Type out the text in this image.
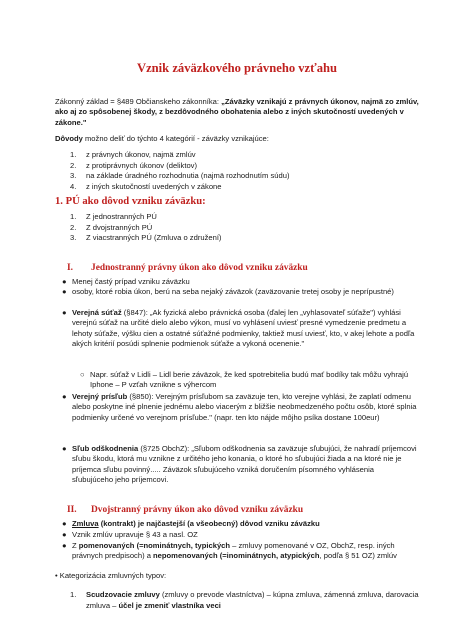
Vznik záväzkového právneho vzťahu
Zákonný základ = §489 Občianskeho zákonníka: „Záväzky vznikajú z právnych úkonov, najmä zo zmlúv, ako aj zo spôsobenej škody, z bezdôvodného obohatenia alebo z iných skutočností uvedených v zákone."
Dôvody možno deliť do týchto 4 kategórií - záväzky vznikajúce:
1. z právnych úkonov, najmä zmlúv
2. z protiprávnych úkonov (deliktov)
3. na základe úradného rozhodnutia (najmä rozhodnutím súdu)
4. z iných skutočností uvedených v zákone
1. PÚ ako dôvod vzniku záväzku:
1. Z jednostranných PÚ
2. Z dvojstranných PÚ
3. Z viacstranných PÚ (Zmluva o združení)
I. Jednostranný právny úkon ako dôvod vzniku záväzku
● Menej častý prípad vzniku záväzku
● osoby, ktoré robia úkon, berú na seba nejaký záväzok (zaväzovanie tretej osoby je neprípustné)
● Verejná súťaž (§847): „Ak fyzická alebo právnická osoba (ďalej len „vyhlasovateľ súťaže") vyhlási verejnú súťaž na určité dielo alebo výkon, musí vo vyhlásení uviesť presné vymedzenie predmetu a lehoty súťaže, výšku cien a ostatné súťažné podmienky, taktiež musí uviesť, kto, v akej lehote a podľa akých kritérií posúdi splnenie podmienok súťaže a vykoná ocenenie."
○ Napr. súťaž v Lidli – Lidl berie záväzok, že ked spotrebitelia budú mať bodíky tak môžu vyhrajú Iphone – P vzťah vznikne s výhercom
● Verejný prísľub (§850): Verejným prísľubom sa zaväzuje ten, kto verejne vyhlási, že zaplatí odmenu alebo poskytne iné plnenie jednému alebo viacerým z bližšie neobmedzeného počtu osôb, ktoré splnia podmienky určené vo verejnom prísľube." (napr. ten kto nájde môjho psíka dostane 100eur)
● Sľub odškodnenia (§725 ObchZ): „Sľubom odškodnenia sa zaväzuje sľubujúci, že nahradí príjemcovi sľubu škodu, ktorá mu vznikne z určitého jeho konania, o ktoré ho sľubujúci žiada a na ktoré nie je príjemca sľubu povinný..... Záväzok sľubujúceho vzniká doručením písomného vyhlásenia sľubujúceho jeho príjemcovi.
II. Dvojstranný právny úkon ako dôvod vzniku záväzku
● Zmluva (kontrakt) je najčastejší (a všeobecný) dôvod vzniku záväzku
● Vznik zmlúv upravuje § 43 a nasl. OZ
● Z pomenovaných (=nominátnych, typických – zmluvy pomenované v OZ, ObchZ, resp. iných právnych predpisoch) a nepomenovaných (=inominátnych, atypických, podľa § 51 OZ) zmlúv
• Kategorizácia zmluvných typov:
1. Scudzovacie zmluvy (zmluvy o prevode vlastníctva) – kúpna zmluva, zámenná zmluva, darovacia zmluva – účel je zmeniť vlastníka veci
